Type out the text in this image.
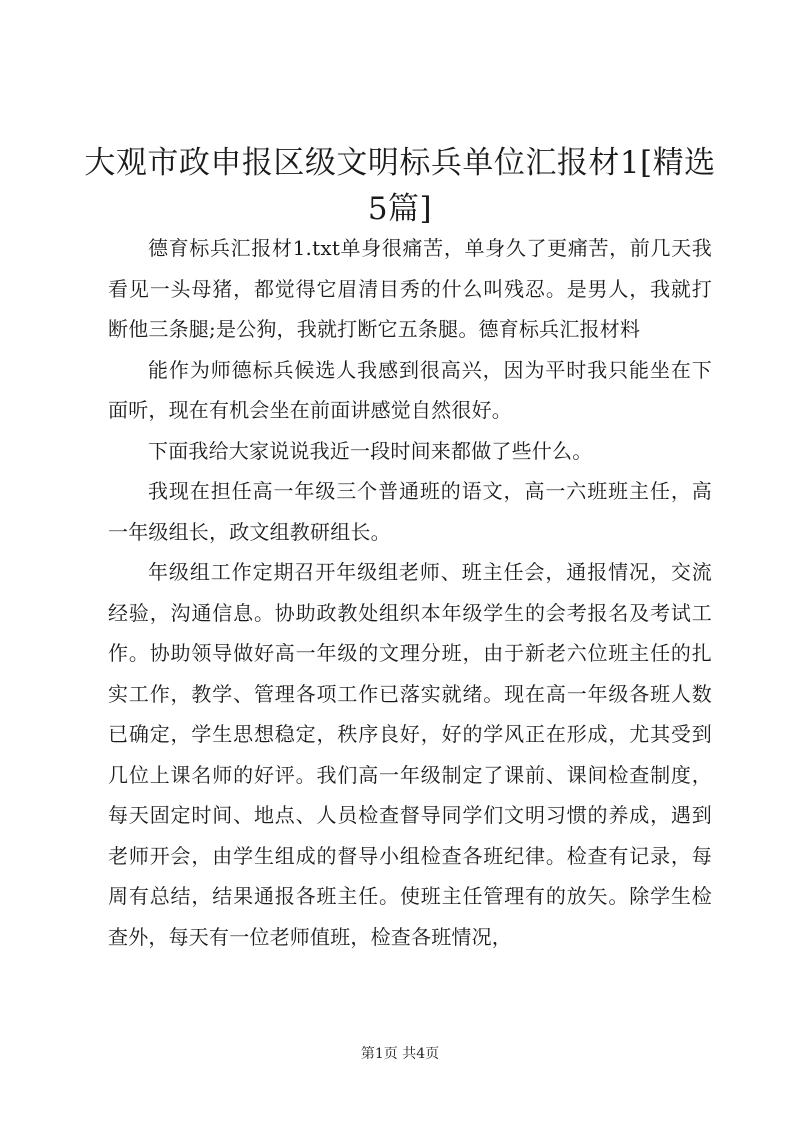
大观市政申报区级文明标兵单位汇报材1[精选5篇]

德育标兵汇报材1.txt单身很痛苦，单身久了更痛苦，前几天我看见一头母猪，都觉得它眉清目秀的什么叫残忍。是男人，我就打断他三条腿;是公狗，我就打断它五条腿。德育标兵汇报材料

能作为师德标兵候选人我感到很高兴，因为平时我只能坐在下面听，现在有机会坐在前面讲感觉自然很好。

下面我给大家说说我近一段时间来都做了些什么。

我现在担任高一年级三个普通班的语文，高一六班班主任，高一年级组长，政文组教研组长。

年级组工作定期召开年级组老师、班主任会，通报情况，交流经验，沟通信息。协助政教处组织本年级学生的会考报名及考试工作。协助领导做好高一年级的文理分班，由于新老六位班主任的扎实工作，教学、管理各项工作已落实就绪。现在高一年级各班人数已确定，学生思想稳定，秩序良好，好的学风正在形成，尤其受到几位上课名师的好评。我们高一年级制定了课前、课间检查制度，每天固定时间、地点、人员检查督导同学们文明习惯的养成，遇到老师开会，由学生组成的督导小组检查各班纪律。检查有记录，每周有总结，结果通报各班主任。使班主任管理有的放矢。除学生检查外，每天有一位老师值班，检查各班情况，

第1页 共4页
